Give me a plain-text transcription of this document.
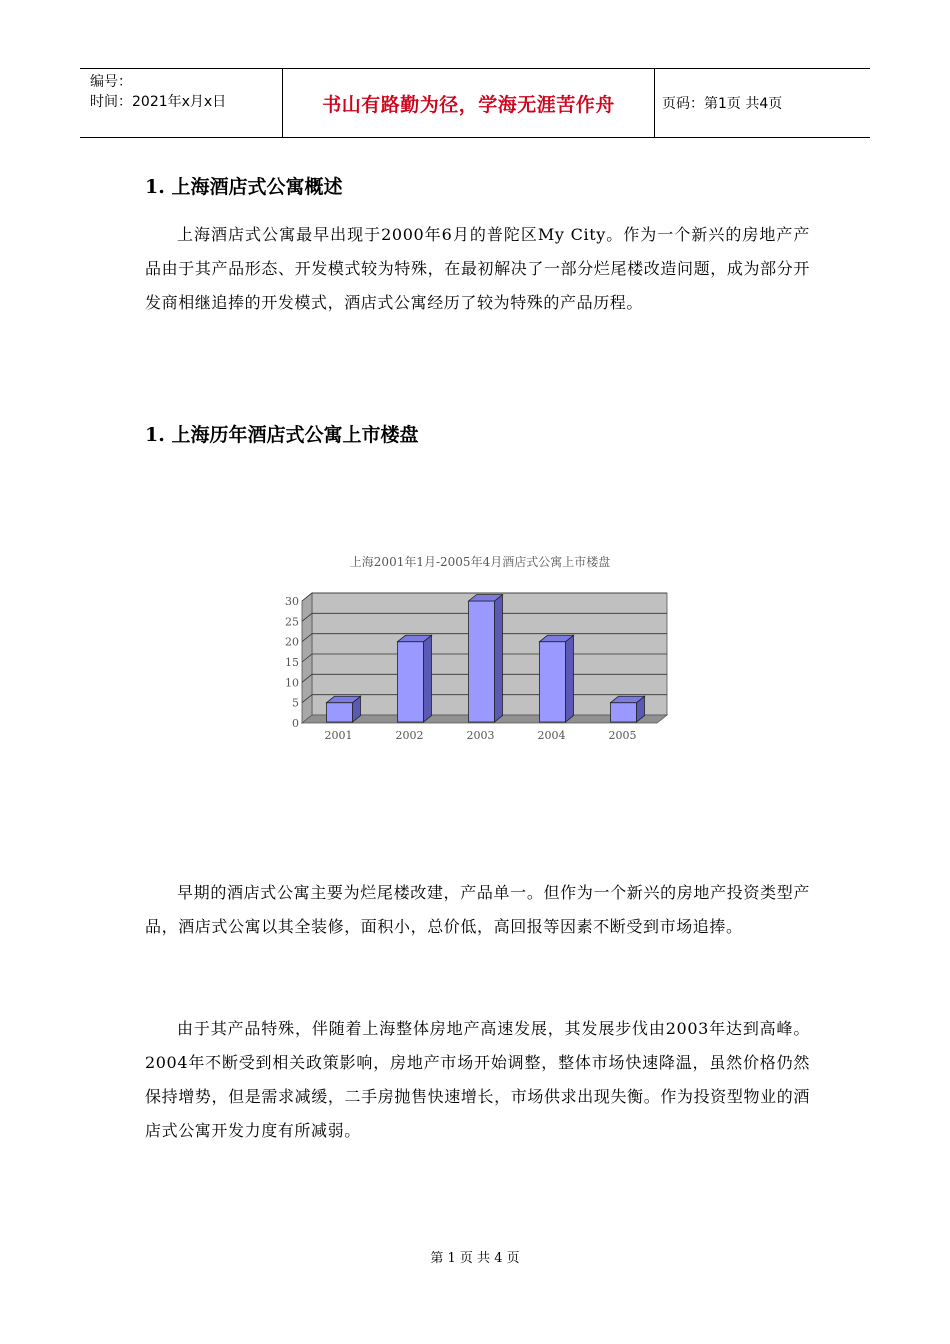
编号：
时间：2021年x月x日	书山有路勤为径，学海无涯苦作舟	页码：第1页 共4页
1. 上海酒店式公寓概述

上海酒店式公寓最早出现于2000年6月的普陀区My City。作为一个新兴的房地产产品由于其产品形态、开发模式较为特殊，在最初解决了一部分烂尾楼改造问题，成为部分开发商相继追捧的开发模式，酒店式公寓经历了较为特殊的产品历程。

1. 上海历年酒店式公寓上市楼盘
上海2001年1月-2005年4月酒店式公寓上市楼盘
0
5
10
15
20
25
30
2001	2002	2003	2004	2005

早期的酒店式公寓主要为烂尾楼改建，产品单一。但作为一个新兴的房地产投资类型产品，酒店式公寓以其全装修，面积小，总价低，高回报等因素不断受到市场追捧。

由于其产品特殊，伴随着上海整体房地产高速发展，其发展步伐由2003年达到高峰。2004年不断受到相关政策影响，房地产市场开始调整，整体市场快速降温，虽然价格仍然保持增势，但是需求减缓，二手房抛售快速增长，市场供求出现失衡。作为投资型物业的酒店式公寓开发力度有所减弱。

第 1 页 共 4 页
